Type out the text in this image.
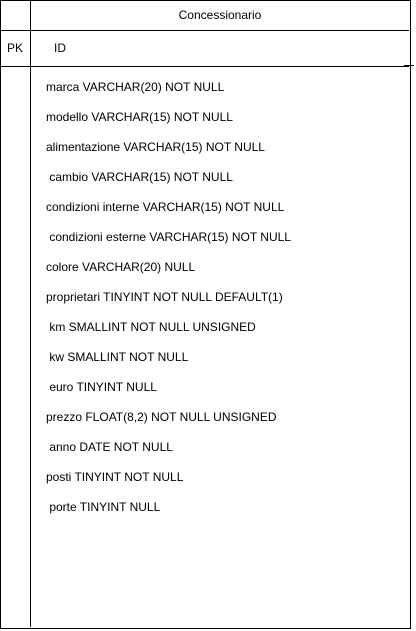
Concessionario
PK	ID
marca VARCHAR(20) NOT NULL
modello VARCHAR(15) NOT NULL
alimentazione VARCHAR(15) NOT NULL
cambio VARCHAR(15) NOT NULL
condizioni interne VARCHAR(15) NOT NULL
condizioni esterne VARCHAR(15) NOT NULL
colore VARCHAR(20) NULL
proprietari TINYINT NOT NULL DEFAULT(1)
km SMALLINT NOT NULL UNSIGNED
kw SMALLINT NOT NULL
euro TINYINT NULL
prezzo FLOAT(8,2) NOT NULL UNSIGNED
anno DATE NOT NULL
posti TINYINT NOT NULL
porte TINYINT NULL
